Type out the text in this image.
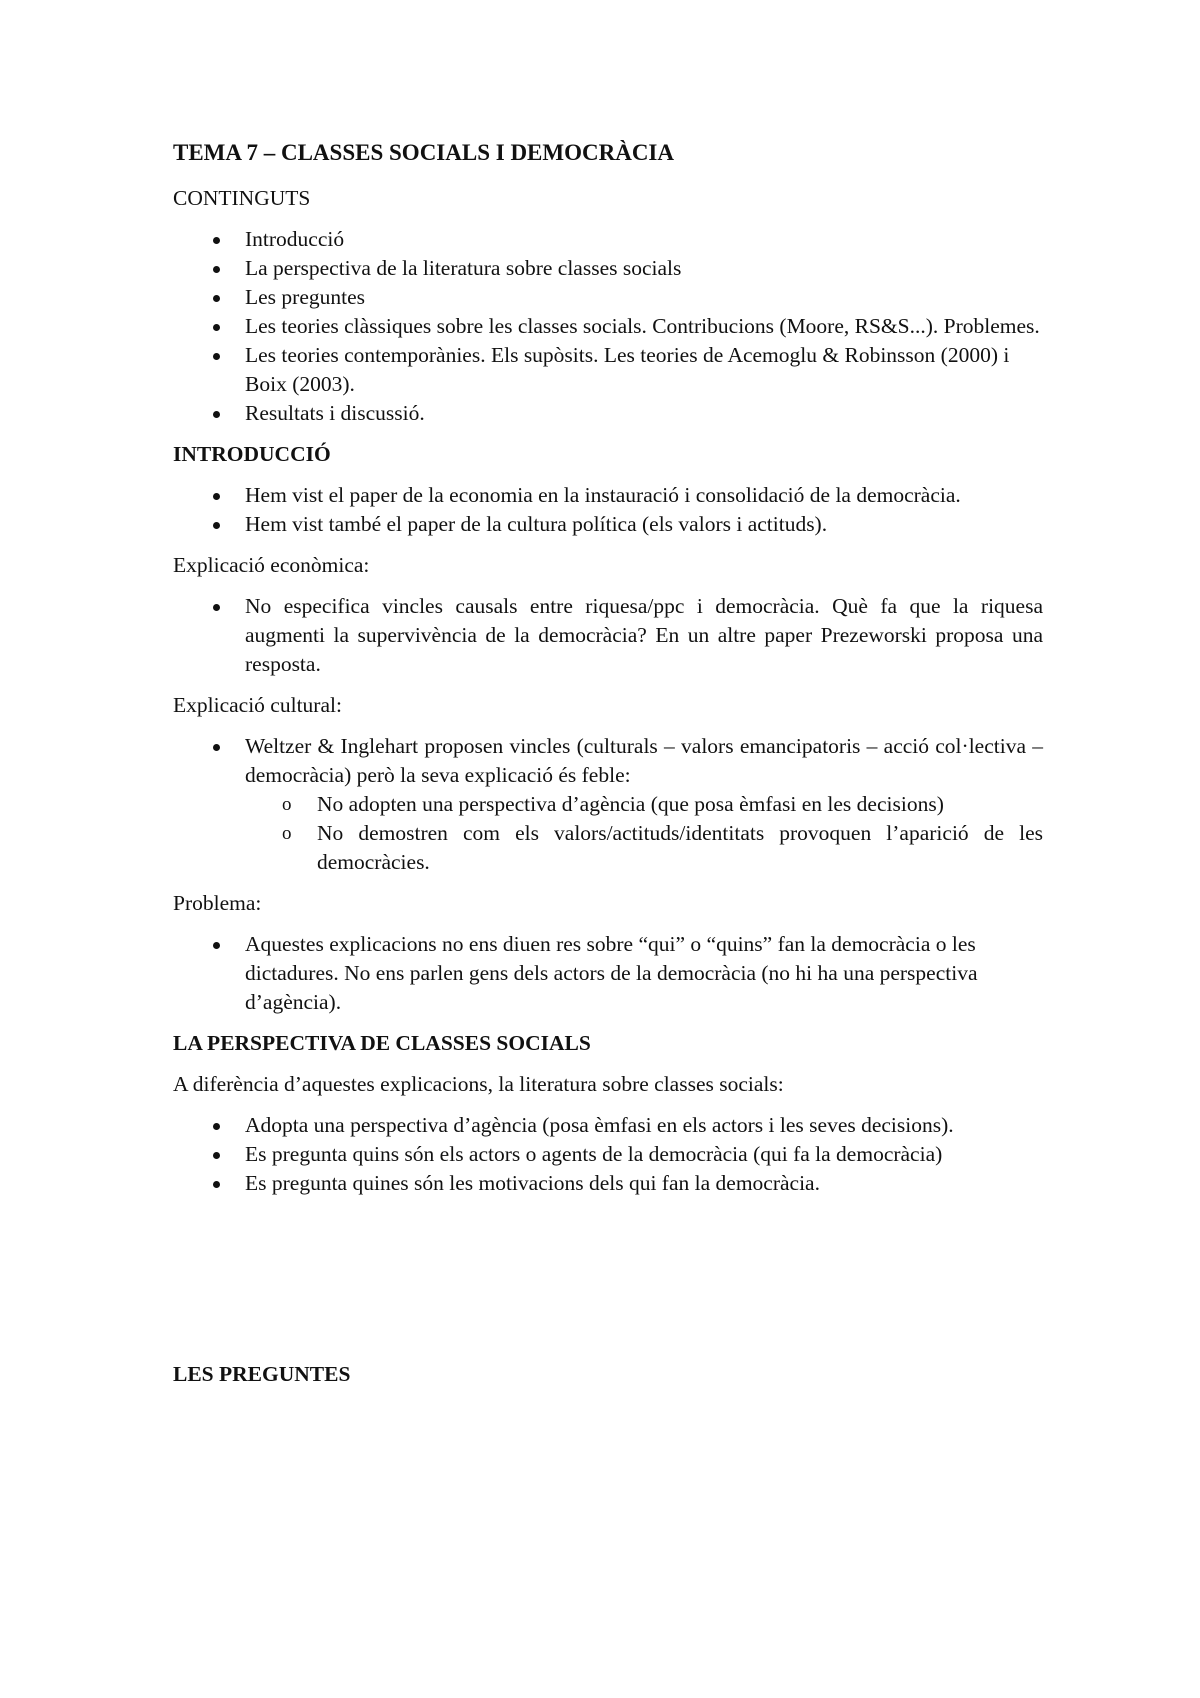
TEMA 7 – CLASSES SOCIALS I DEMOCRÀCIA
CONTINGUTS
Introducció
La perspectiva de la literatura sobre classes socials
Les preguntes
Les teories clàssiques sobre les classes socials. Contribucions (Moore, RS&S...). Problemes.
Les teories contemporànies. Els supòsits. Les teories de Acemoglu & Robinsson (2000) i Boix (2003).
Resultats i discussió.
INTRODUCCIÓ
Hem vist el paper de la economia en la instauració i consolidació de la democràcia.
Hem vist també el paper de la cultura política (els valors i actituds).
Explicació econòmica:
No especifica vincles causals entre riquesa/ppc i democràcia. Què fa que la riquesa augmenti la supervivència de la democràcia? En un altre paper Prezeworski proposa una resposta.
Explicació cultural:
Weltzer & Inglehart proposen vincles (culturals – valors emancipatoris – acció col·lectiva – democràcia) però la seva explicació és feble:
o No adopten una perspectiva d’agència (que posa èmfasi en les decisions)
o No demostren com els valors/actituds/identitats provoquen l’aparició de les democràcies.
Problema:
Aquestes explicacions no ens diuen res sobre “qui” o “quins” fan la democràcia o les dictadures. No ens parlen gens dels actors de la democràcia (no hi ha una perspectiva d’agència).
LA PERSPECTIVA DE CLASSES SOCIALS
A diferència d’aquestes explicacions, la literatura sobre classes socials:
Adopta una perspectiva d’agència (posa èmfasi en els actors i les seves decisions).
Es pregunta quins són els actors o agents de la democràcia (qui fa la democràcia)
Es pregunta quines són les motivacions dels qui fan la democràcia.
LES PREGUNTES
